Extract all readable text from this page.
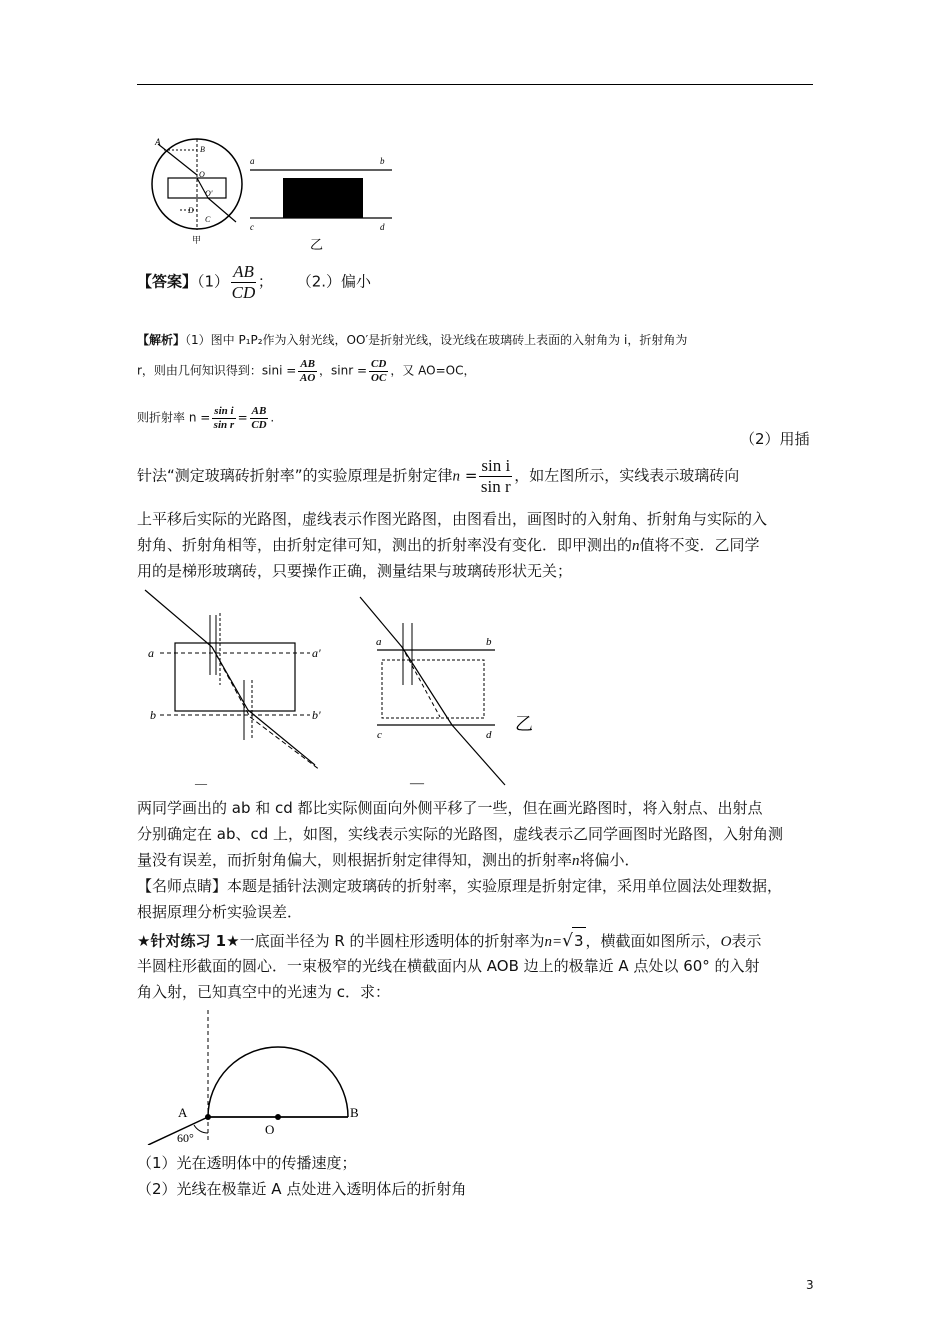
A
B
O
O'
C
D
甲
a	b
c	d
乙
【答案】$(1) \frac{AB}{CD}$ ； （2.）偏小
【解析】（1）图中 P₁P₂作为入射光线，OO′是折射光线，设光线在玻璃砖上表面的入射角为 i，折射角为
r，则由几何知识得到：$\sin i = \frac{AB}{AO}$ ，$\sin r = \frac{CD}{OC}$ ，又 AO=OC，
则折射率 $n = \frac{\text{sin i}}{\text{sin r}} = \frac{AB}{CD}$ .
（2）用插
针法“测定玻璃砖折射率”的实验原理是折射定律$n = \frac{\text{sin i}}{\text{sin r}}$ ，如左图所示，实线表示玻璃砖向
上平移后实际的光路图，虚线表示作图光路图，由图看出，画图时的入射角、折射角与实际的入
射角、折射角相等，由折射定律可知，测出的折射率没有变化．即甲测出的n值将不变．乙同学
用的是梯形玻璃砖，只要操作正确，测量结果与玻璃砖形状无关；
a	a'
b	b'
—
a	b
c	d
—
乙
两同学画出的 ab 和 cd 都比实际侧面向外侧平移了一些，但在画光路图时，将入射点、出射点
分别确定在 ab、cd 上，如图，实线表示实际的光路图，虚线表示乙同学画图时光路图，入射角测
量没有误差，而折射角偏大，则根据折射定律得知，测出的折射率n将偏小．
【名师点睛】本题是插针法测定玻璃砖的折射率，实验原理是折射定律，采用单位圆法处理数据，
根据原理分析实验误差．
★针对练习 1★一底面半径为 R 的半圆柱形透明体的折射率为n=√3 ，横截面如图所示，O表示
半圆柱形截面的圆心．一束极窄的光线在横截面内从 AOB 边上的极靠近 A 点处以 60° 的入射
角入射，已知真空中的光速为 c．求：
A
O
B
60°
（1）光在透明体中的传播速度；
（2）光线在极靠近 A 点处进入透明体后的折射角
3
